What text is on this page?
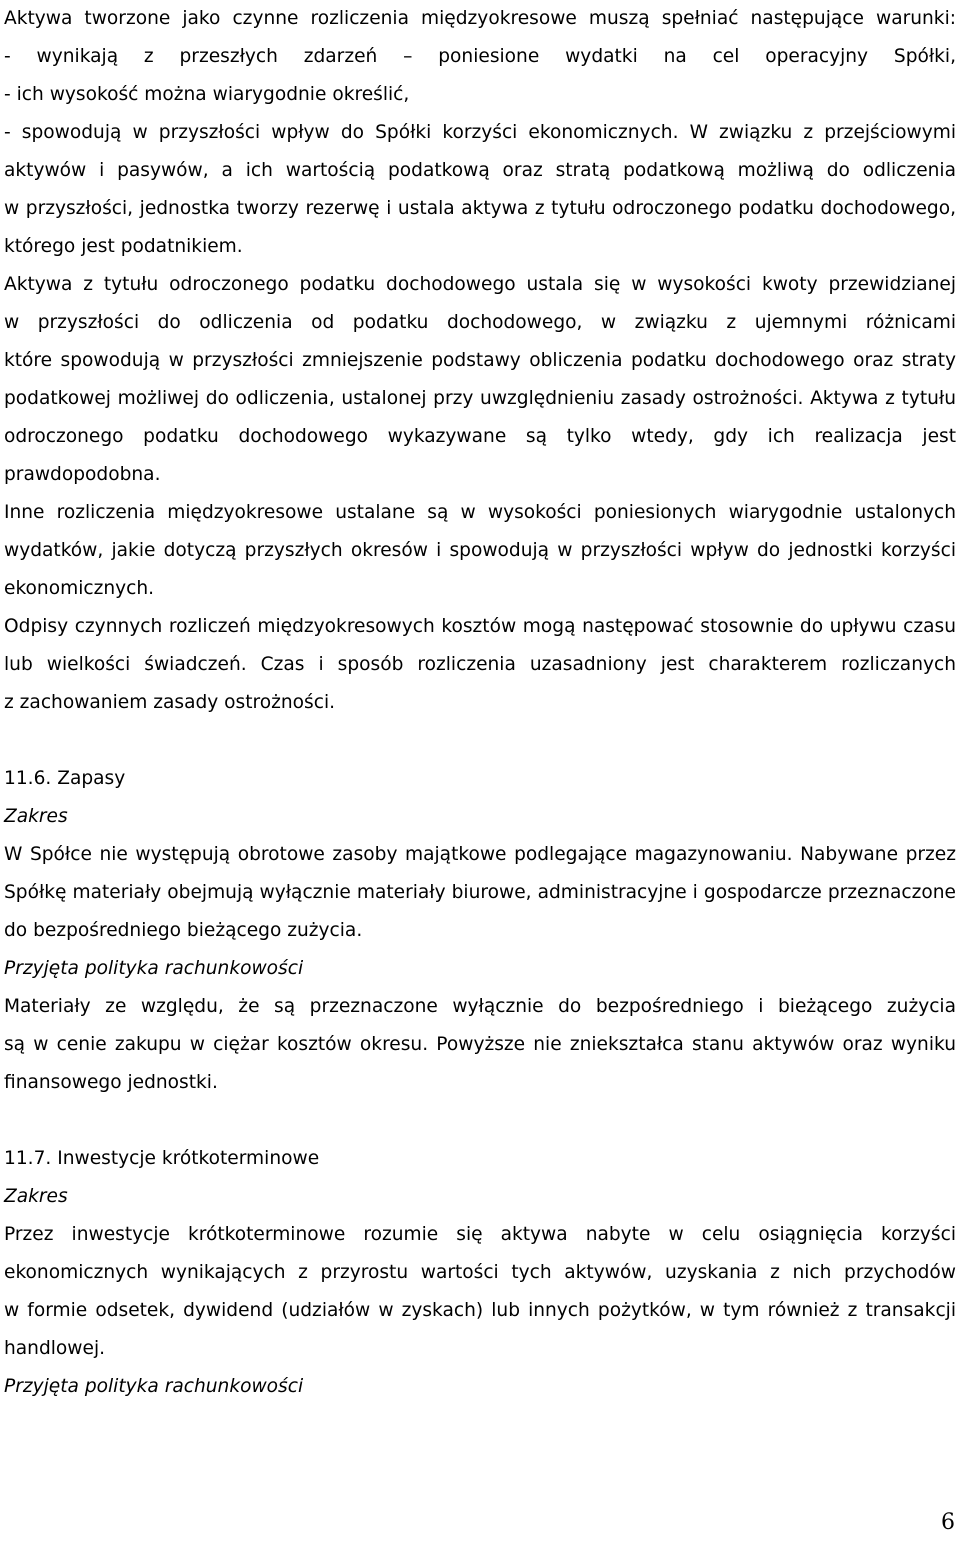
Aktywa tworzone jako czynne rozliczenia międzyokresowe muszą spełniać następujące warunki:
- wynikają z przeszłych zdarzeń – poniesione wydatki na cel operacyjny Spółki,
- ich wysokość można wiarygodnie określić,
- spowodują w przyszłości wpływ do Spółki korzyści ekonomicznych. W związku z przejściowymi
aktywów i pasywów, a ich wartością podatkową oraz stratą podatkową możliwą do odliczenia
w przyszłości, jednostka tworzy rezerwę i ustala aktywa z tytułu odroczonego podatku dochodowego,
którego jest podatnikiem.
Aktywa z tytułu odroczonego podatku dochodowego ustala się w wysokości kwoty przewidzianej
w przyszłości do odliczenia od podatku dochodowego, w związku z ujemnymi różnicami
które spowodują w przyszłości zmniejszenie podstawy obliczenia podatku dochodowego oraz straty
podatkowej możliwej do odliczenia, ustalonej przy uwzględnieniu zasady ostrożności. Aktywa z tytułu
odroczonego podatku dochodowego wykazywane są tylko wtedy, gdy ich realizacja jest
prawdopodobna.
Inne rozliczenia międzyokresowe ustalane są w wysokości poniesionych wiarygodnie ustalonych
wydatków, jakie dotyczą przyszłych okresów i spowodują w przyszłości wpływ do jednostki korzyści
ekonomicznych.
Odpisy czynnych rozliczeń międzyokresowych kosztów mogą następować stosownie do upływu czasu
lub wielkości świadczeń. Czas i sposób rozliczenia uzasadniony jest charakterem rozliczanych
z zachowaniem zasady ostrożności.
11.6. Zapasy
Zakres
W Spółce nie występują obrotowe zasoby majątkowe podlegające magazynowaniu. Nabywane przez
Spółkę materiały obejmują wyłącznie materiały biurowe, administracyjne i gospodarcze przeznaczone
do bezpośredniego bieżącego zużycia.
Przyjęta polityka rachunkowości
Materiały ze względu, że są przeznaczone wyłącznie do bezpośredniego i bieżącego zużycia
są w cenie zakupu w ciężar kosztów okresu. Powyższe nie zniekształca stanu aktywów oraz wyniku
finansowego jednostki.
11.7. Inwestycje krótkoterminowe
Zakres
Przez inwestycje krótkoterminowe rozumie się aktywa nabyte w celu osiągnięcia korzyści
ekonomicznych wynikających z przyrostu wartości tych aktywów, uzyskania z nich przychodów
w formie odsetek, dywidend (udziałów w zyskach) lub innych pożytków, w tym również z transakcji
handlowej.
Przyjęta polityka rachunkowości
6
